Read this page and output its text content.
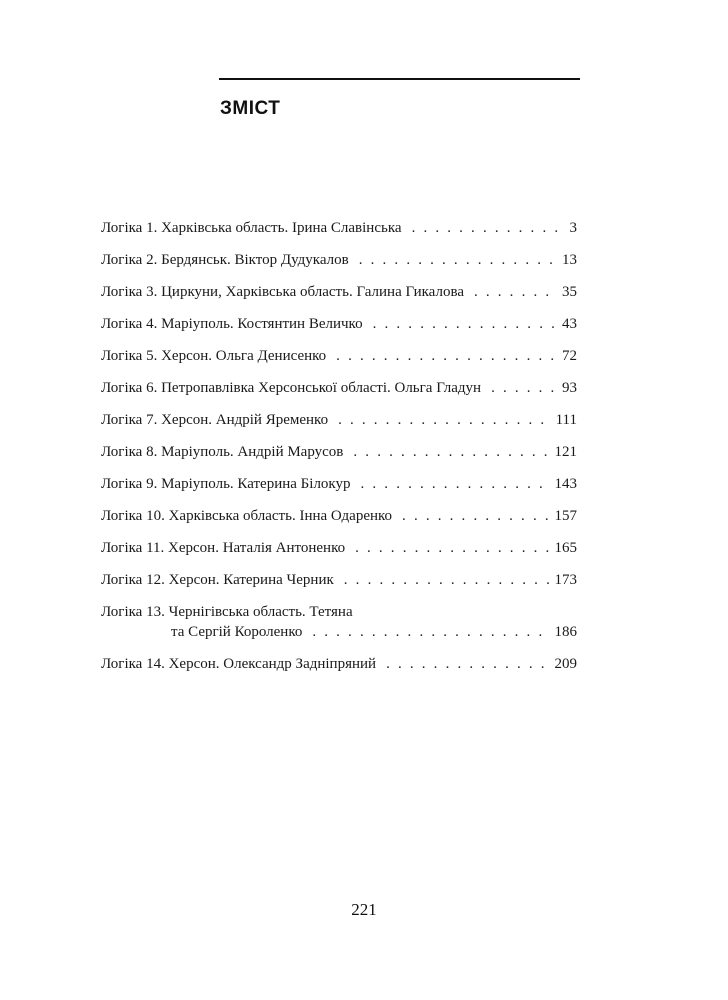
ЗМІСТ
Логіка 1. Харківська область. Ірина Славінська . . .	3
Логіка 2. Бердянськ. Віктор Дудукалов . . .	13
Логіка 3. Циркуни, Харківська область. Галина Гикалова . . .	35
Логіка 4. Маріуполь. Костянтин Величко . . .	43
Логіка 5. Херсон. Ольга Денисенко . . .	72
Логіка 6. Петропавлівка Херсонської області. Ольга Гладун . . .	93
Логіка 7. Херсон. Андрій Яременко . . .	111
Логіка 8. Маріуполь. Андрій Марусов . . .	121
Логіка 9. Маріуполь. Катерина Білокур . . .	143
Логіка 10. Харківська область. Інна Одаренко . . .	157
Логіка 11. Херсон. Наталія Антоненко . . .	165
Логіка 12. Херсон. Катерина Черник . . .	173
Логіка 13. Чернігівська область. Тетяна
та Сергій Короленко . . .	186
Логіка 14. Херсон. Олександр Задніпряний . . .	209
221
